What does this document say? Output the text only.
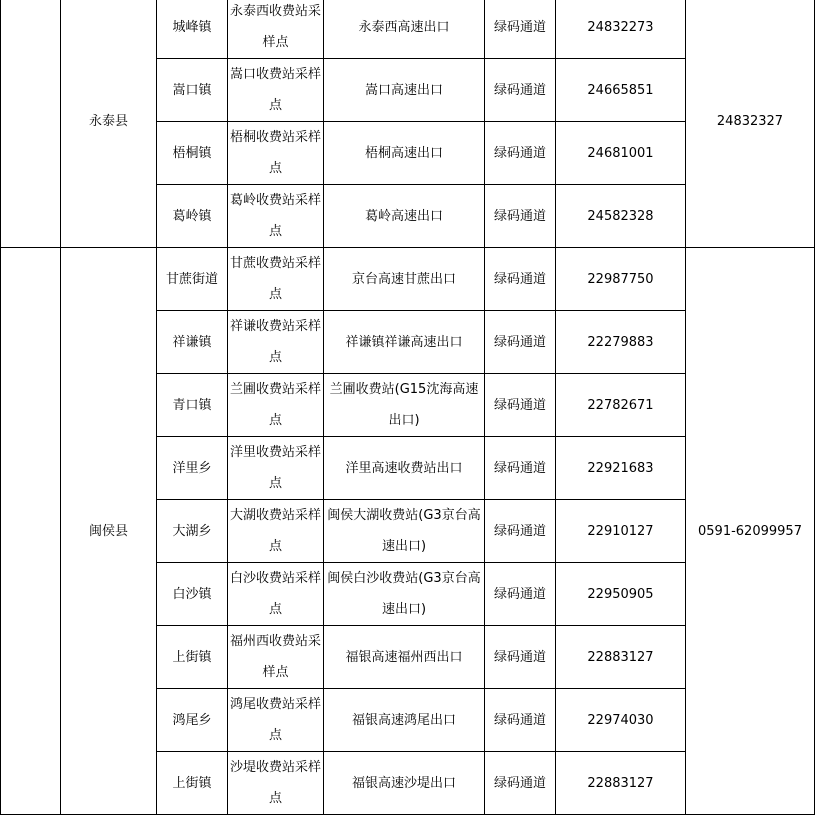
	永泰县	城峰镇	永泰西收费站采样点	永泰西高速出口	绿码通道	24832273	24832327
		嵩口镇	嵩口收费站采样点	嵩口高速出口	绿码通道	24665851	
		梧桐镇	梧桐收费站采样点	梧桐高速出口	绿码通道	24681001	
		葛岭镇	葛岭收费站采样点	葛岭高速出口	绿码通道	24582328	
	闽侯县	甘蔗街道	甘蔗收费站采样点	京台高速甘蔗出口	绿码通道	22987750	0591-62099957
		祥谦镇	祥谦收费站采样点	祥谦镇祥谦高速出口	绿码通道	22279883	
		青口镇	兰圃收费站采样点	兰圃收费站(G15沈海高速出口)	绿码通道	22782671	
		洋里乡	洋里收费站采样点	洋里高速收费站出口	绿码通道	22921683	
		大湖乡	大湖收费站采样点	闽侯大湖收费站(G3京台高速出口)	绿码通道	22910127	
		白沙镇	白沙收费站采样点	闽侯白沙收费站(G3京台高速出口)	绿码通道	22950905	
		上街镇	福州西收费站采样点	福银高速福州西出口	绿码通道	22883127	
		鸿尾乡	鸿尾收费站采样点	福银高速鸿尾出口	绿码通道	22974030	
		上街镇	沙堤收费站采样点	福银高速沙堤出口	绿码通道	22883127	
